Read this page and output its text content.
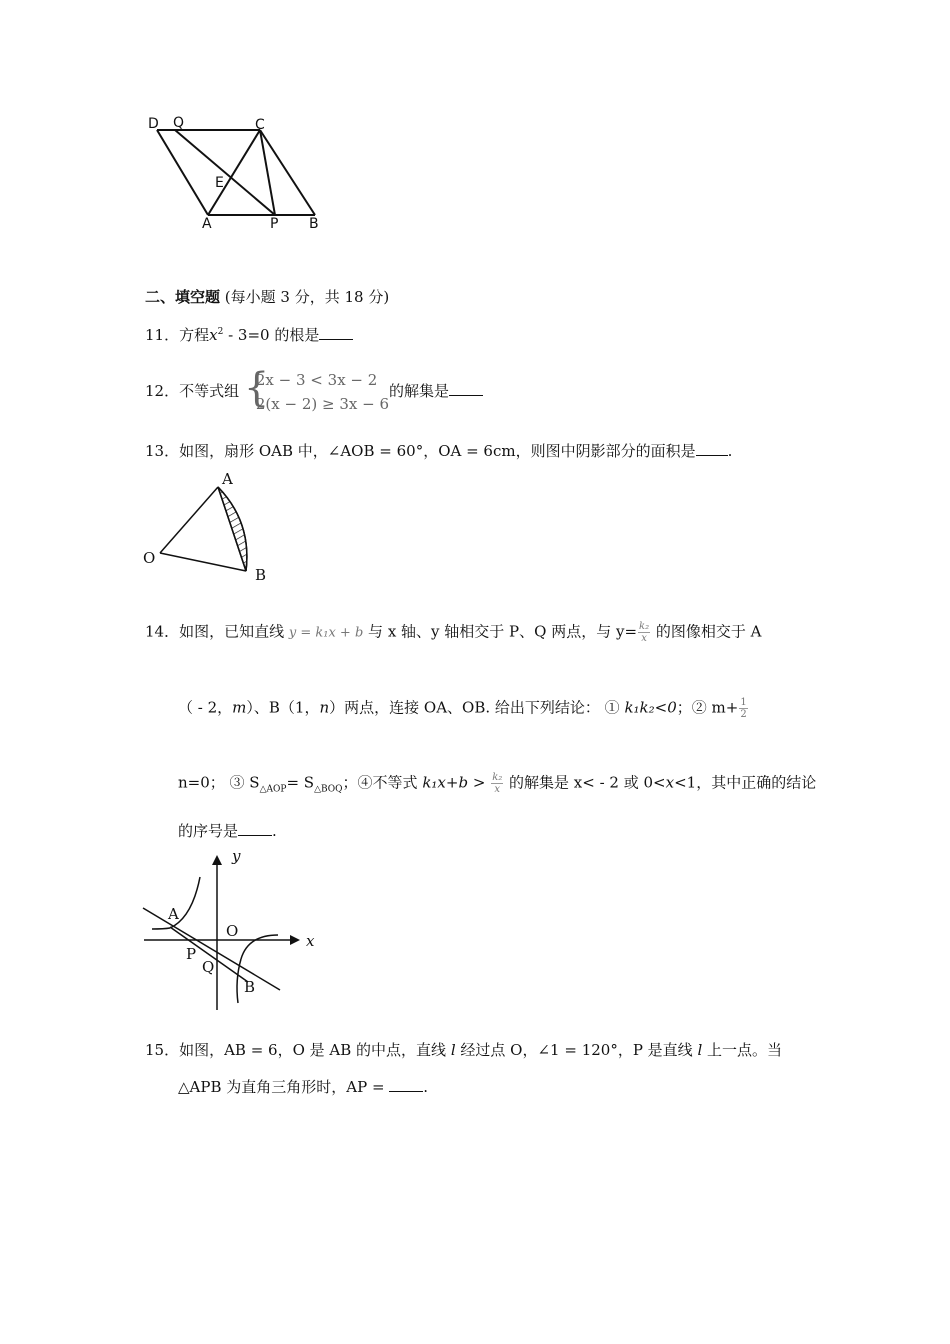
D Q	C
E
A	P B
二、填空题 (每小题 3 分，共 18 分)
11．方程$x^2 - 3=0$ 的根是
12．不等式组 {
2x − 3 < 3x − 2
2(x − 2) ≥ 3x − 6
的解集是
13．如图，扇形 OAB 中，∠AOB = 60°，OA = 6cm，则图中阴影部分的面积是 .
A
O
B
14．如图，已知直线 y = k₁x + b 与 x 轴、y 轴相交于 P、Q 两点，与 $y= \frac{\text{k₂}}{x}$ 的图像相交于 A
（ - 2，m）、B（1，n）两点，连接 OA、OB. 给出下列结论： ① k₁k₂<0；② $m+ \frac{1}{2}$
n=0； ③ $S_{\triangle AOP}= S_{\triangle BOQ}$；④不等式 $k_1x+b > \frac{\text{k₂}}{x}$ 的解集是 x< - 2 或 0<x<1，其中正确的结论
的序号是 .
y
x
A
O
P
Q
B
15．如图，AB = 6，O 是 AB 的中点，直线 l 经过点 O，∠1 = 120°，P 是直线 l 上一点。当
△APB 为直角三角形时，AP =	.
